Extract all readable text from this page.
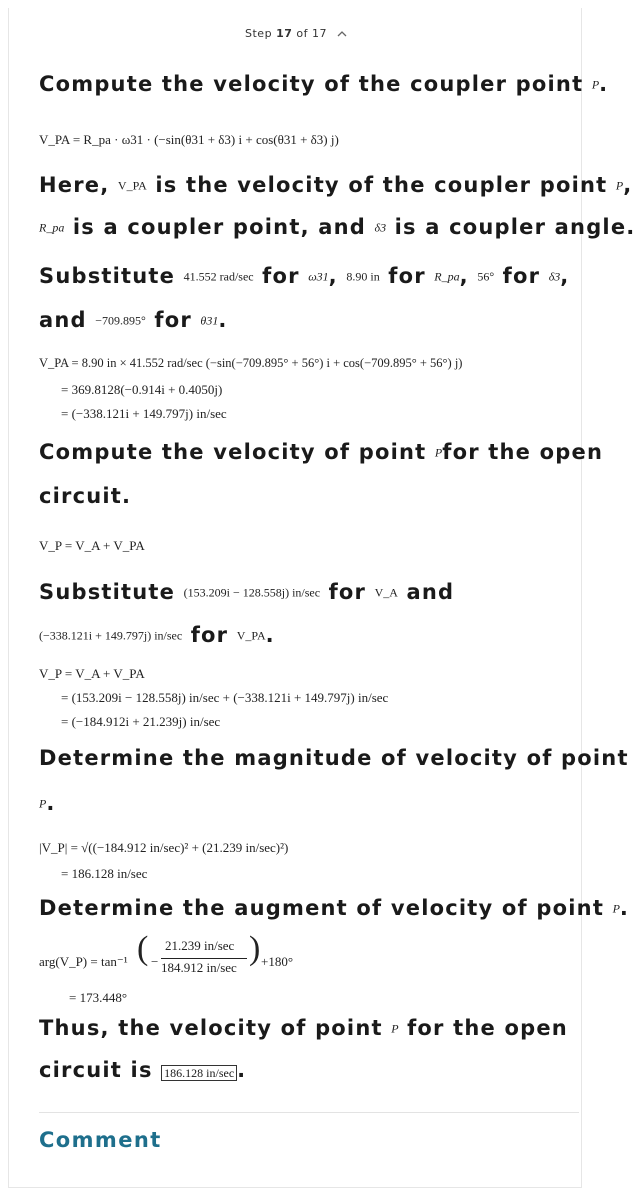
Step 17 of 17
Compute the velocity of the coupler point P.
V_PA = R_pa · ω31 · (−sin(θ31 + δ3) i + cos(θ31 + δ3) j)
Here, V_PA is the velocity of the coupler point P,
R_pa is a coupler point, and δ3 is a coupler angle.
Substitute 41.552 rad/sec for ω31, 8.90 in for R_pa, 56° for δ3,
and −709.895° for θ31.
V_PA = 8.90 in × 41.552 rad/sec (−sin(−709.895° + 56°) i + cos(−709.895° + 56°) j)
= 369.8128(−0.914i + 0.4050j)
= (−338.121i + 149.797j) in/sec
Compute the velocity of point Pfor the open
circuit.
V_P = V_A + V_PA
Substitute (153.209i − 128.558j) in/sec for V_A and
(−338.121i + 149.797j) in/sec for V_PA.
V_P = V_A + V_PA
= (153.209i − 128.558j) in/sec + (−338.121i + 149.797j) in/sec
= (−184.912i + 21.239j) in/sec
Determine the magnitude of velocity of point
P.
|V_P| = √((−184.912 in/sec)² + (21.239 in/sec)²)
= 186.128 in/sec
Determine the augment of velocity of point P.
arg(V_P) = tan⁻¹ ( −
21.239 in/sec
184.912 in/sec
) +180°
= 173.448°
Thus, the velocity of point P for the open
circuit is 186.128 in/sec .
Comment
